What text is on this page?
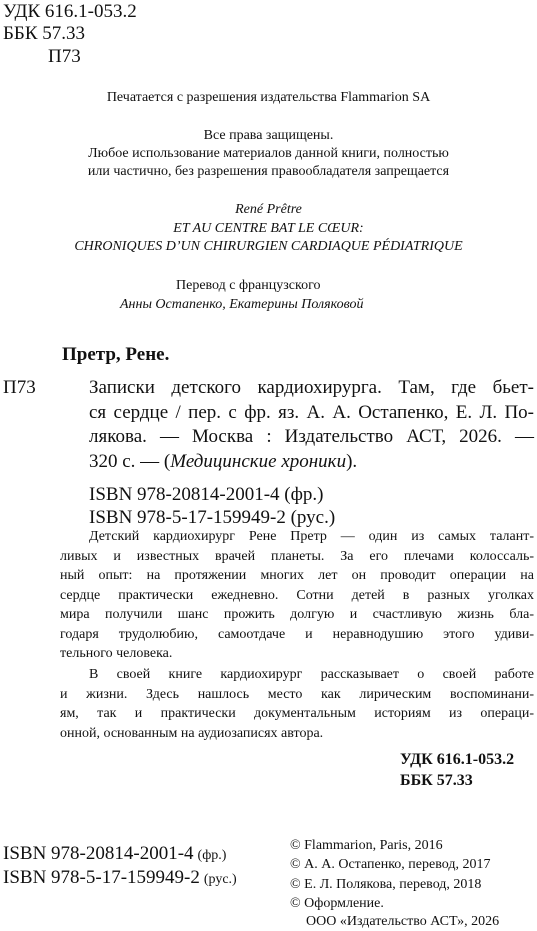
УДК 616.1-053.2
ББК 57.33
П73
Печатается с разрешения издательства Flammarion SA
Все права защищены.
Любое использование материалов данной книги, полностью
или частично, без разрешения правообладателя запрещается
René Prêtre
ET AU CENTRE BAT LE CŒUR:
CHRONIQUES D’UN CHIRURGIEN CARDIAQUE PÉDIATRIQUE
Перевод с французского
Анны Остапенко, Екатерины Поляковой
Претр, Рене.
П73	Записки детского кардиохирурга. Там, где бьет-
ся сердце / пер. с фр. яз. А. А. Остапенко, Е. Л. По-
лякова. — Москва : Издательство АСТ, 2026. —
320 с. — (Медицинские хроники).
ISBN 978-20814-2001-4 (фр.)
ISBN 978-5-17-159949-2 (рус.)
Детский кардиохирург Рене Претр — один из самых талант-
ливых и известных врачей планеты. За его плечами колоссаль-
ный опыт: на протяжении многих лет он проводит операции на
сердце практически ежедневно. Сотни детей в разных уголках
мира получили шанс прожить долгую и счастливую жизнь бла-
годаря трудолюбию, самоотдаче и неравнодушию этого удиви-
тельного человека.
В своей книге кардиохирург рассказывает о своей работе
и жизни. Здесь нашлось место как лирическим воспоминани-
ям, так и практически документальным историям из операци-
онной, основанным на аудиозаписях автора.
УДК 616.1-053.2
ББК 57.33
ISBN 978-20814-2001-4 (фр.)
ISBN 978-5-17-159949-2 (рус.)
© Flammarion, Paris, 2016
© А. А. Остапенко, перевод, 2017
© Е. Л. Полякова, перевод, 2018
© Оформление.
ООО «Издательство АСТ», 2026
